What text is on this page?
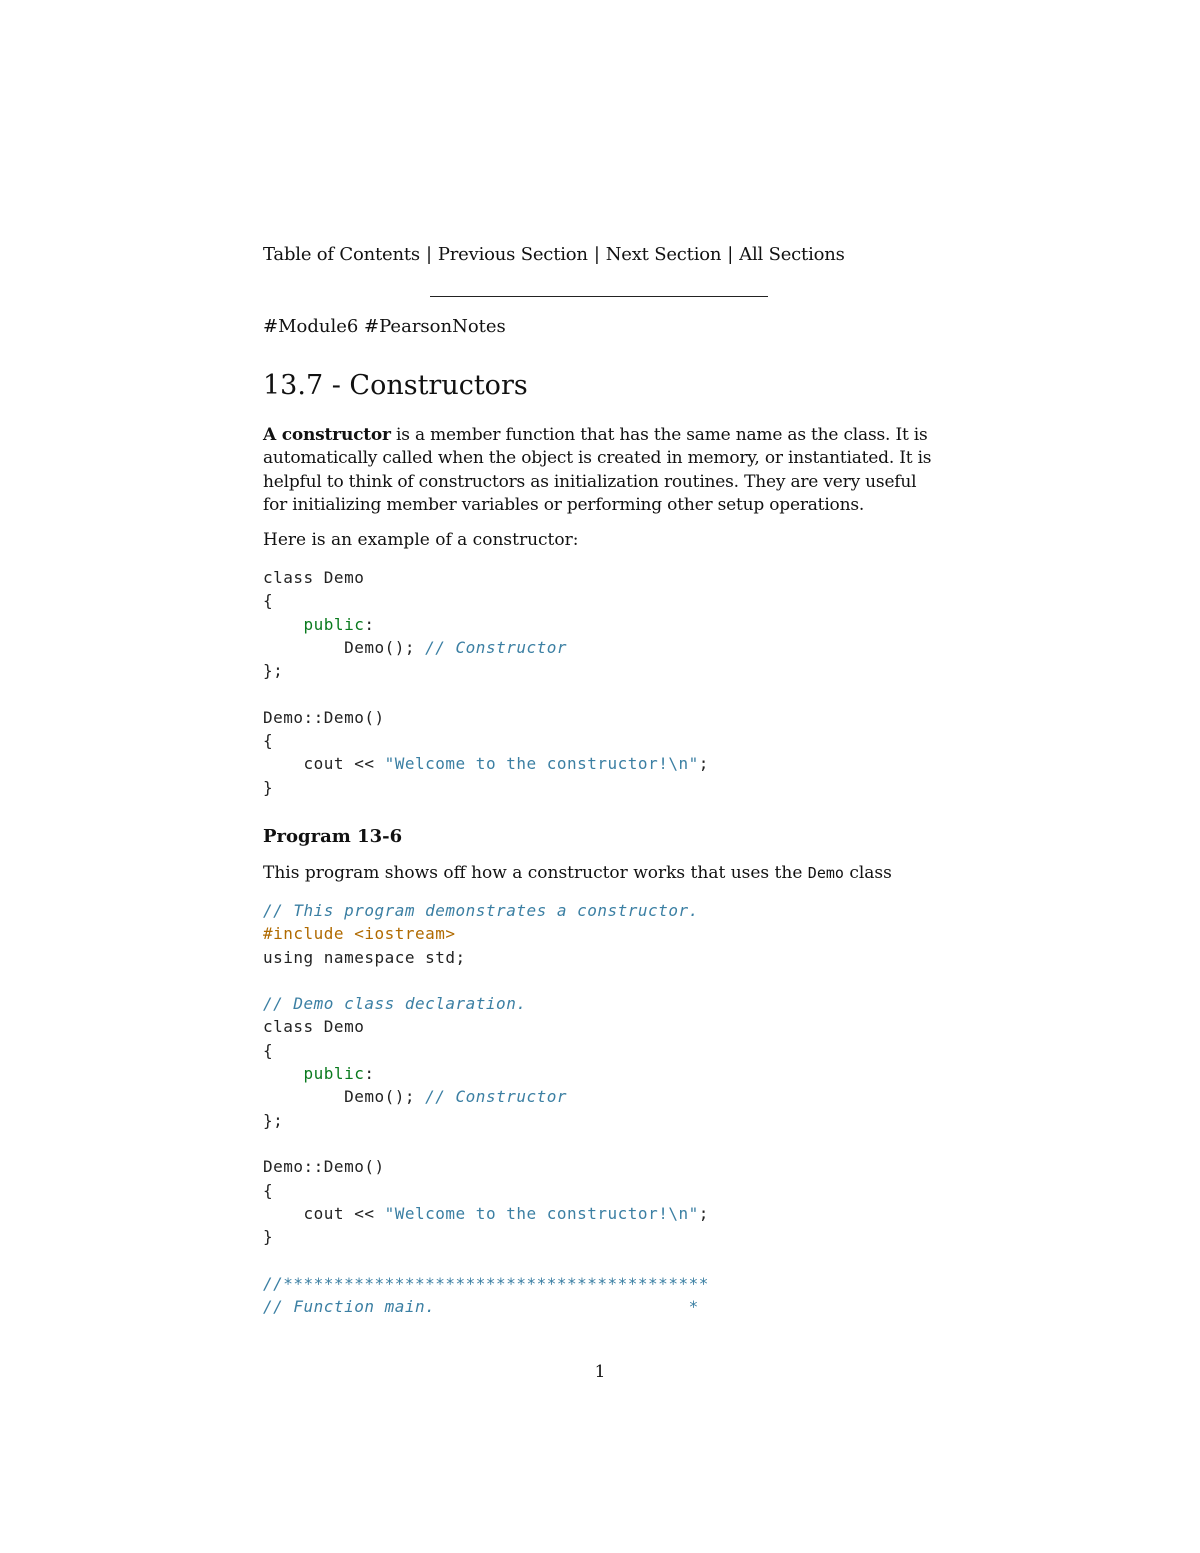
Table of Contents | Previous Section | Next Section | All Sections
#Module6 #PearsonNotes
13.7 - Constructors

A constructor is a member function that has the same name as the class. It is automatically called when the object is created in memory, or instantiated. It is helpful to think of constructors as initialization routines. They are very useful for initializing member variables or performing other setup operations.

Here is an example of a constructor:

class Demo
{
public:
Demo(); // Constructor
};

Demo::Demo()
{
cout << "Welcome to the constructor!\n";
}
Program 13-6

This program shows off how a constructor works that uses the Demo class

// This program demonstrates a constructor.
#include <iostream>
using namespace std;

// Demo class declaration.
class Demo
{
public:
Demo(); // Constructor
};

Demo::Demo()
{
cout << "Welcome to the constructor!\n";
}

//******************************************
// Function main.                         *
1
